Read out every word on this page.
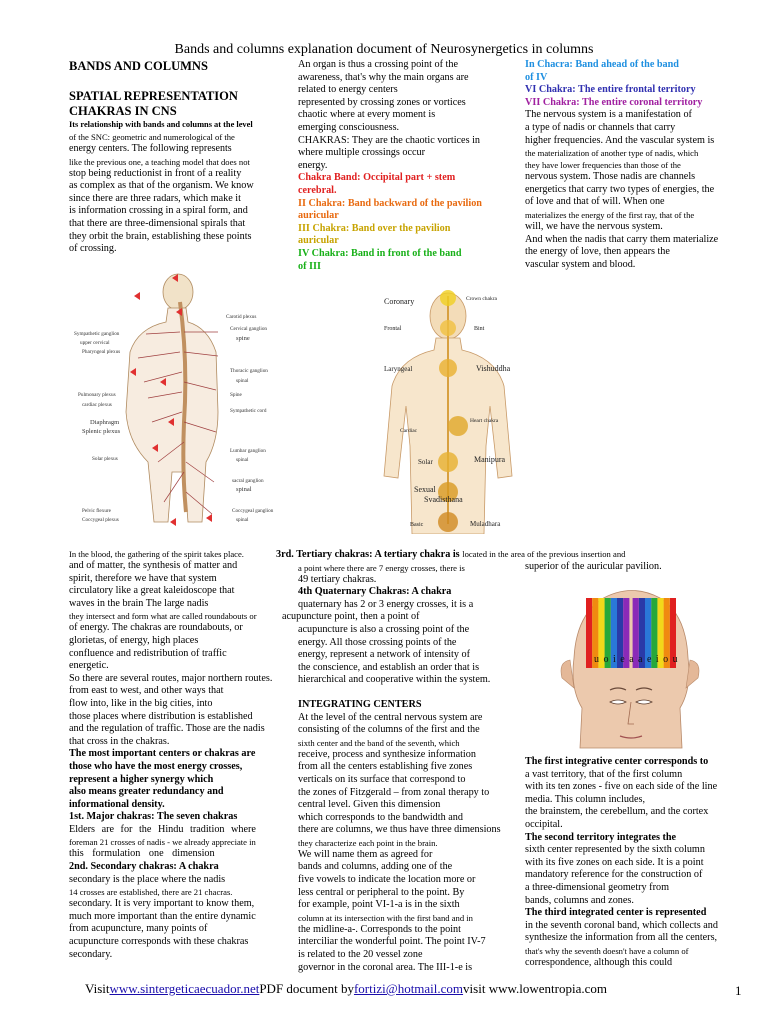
Bands and columns explanation document of Neurosynergetics in columns

BANDS AND COLUMNS

SPATIAL REPRESENTATION

CHAKRAS IN CNS

Its relationship with bands and columns at the level

of the SNC: geometric and numerological of the

energy centers. The following represents

like the previous one, a teaching model that does not

stop being reductionist in front of a reality

as complex as that of the organism. We know

since there are three radars, which make it

is information crossing in a spiral form, and

that there are three-dimensional spirals that

they orbit the brain, establishing these points

of crossing.

An organ is thus a crossing point of the

awareness, that's why the main organs are

related to energy centers

represented by crossing zones or vortices

chaotic where at every moment is

emerging consciousness.

CHAKRAS: They are the chaotic vortices in

where multiple crossings occur

energy.

Chakra Band: Occipital part + stem

cerebral.

II Chakra: Band backward of the pavilion

auricular

III Chakra: Band over the pavilion

auricular

IV Chakra: Band in front of the band

of III

In Chacra: Band ahead of the band

of IV

VI Chakra: The entire frontal territory

VII Chakra: The entire coronal territory

The nervous system is a manifestation of

a type of nadis or channels that carry

higher frequencies. And the vascular system is

the materialization of another type of nadis, which

they have lower frequencies than those of the

nervous system. Those nadis are channels

energetics that carry two types of energies, the

of love and that of will. When one

materializes the energy of the first ray, that of the

will, we have the nervous system.

And when the nadis that carry them materialize

the energy of love, then appears the

vascular system and blood.

Carotid plexus
Cervical ganglion
spine
Sympathetic ganglion
upper cervical
Pharyngeal plexus
Thoracic ganglion
spinal
Pulmonary plexus
cardiac plexus
Spine
Sympathetic cord
Diaphragm
Splenic plexus
Lumbar ganglion
spinal
Solar plexus
sacral ganglion
spinal
Pelvic flexure
Coccygeal plexus
Coccygeal ganglion
spinal
Coronary	Crown chakra
Frontal	Bint
Laryngeal	Vishuddha
Cardiac
Heart chakra
Solar	Manipura
Sexual
Svadisthana
Basic	Muladhara

In the blood, the gathering of the spirit takes place.

and of matter, the synthesis of matter and

spirit, therefore we have that system

circulatory like a great kaleidoscope that

waves in the brain The large nadis

they intersect and form what are called roundabouts or

of energy. The chakras are roundabouts, or

glorietas, of energy, high places

confluence and redistribution of traffic

energetic.

So there are several routes, major northern routes.

from east to west, and other ways that

flow into, like in the big cities, into

those places where distribution is established

and the regulation of traffic. Those are the nadis

that cross in the chakras.

The most important centers or chakras are

those who have the most energy crosses,

represent a higher synergy which

also means greater redundancy and

informational density.

1st. Major chakras: The seven chakras

Elders are for the Hindu tradition where

foreman 21 crosses of nadis - we already appreciate in

this formulation one dimension

2nd. Secondary chakras: A chakra

secondary is the place where the nadis

14 crosses are established, there are 21 chacras.

secondary. It is very important to know them,

much more important than the entire dynamic

from acupuncture, many points of

acupuncture corresponds with these chakras

secondary.

3rd. Tertiary chakras: A tertiary chakra is located in the area of the previous insertion and

a point where there are 7 energy crosses, there is

49 tertiary chakras.

4th Quaternary Chakras: A chakra

quaternary has 2 or 3 energy crosses, it is a

acupuncture point, then a point of

acupuncture is also a crossing point of the

energy. All those crossing points of the

energy, represent a network of intensity of

the conscience, and establish an order that is

hierarchical and cooperative within the system.

INTEGRATING CENTERS

At the level of the central nervous system are

consisting of the columns of the first and the

sixth center and the band of the seventh, which

receive, process and synthesize information

from all the centers establishing five zones

verticals on its surface that correspond to

the zones of Fitzgerald – from zonal therapy to

central level. Given this dimension

which corresponds to the bandwidth and

there are columns, we thus have three dimensions

they characterize each point in the brain.

We will name them as agreed for

bands and columns, adding one of the

five vowels to indicate the location more or

less central or peripheral to the point. By

for example, point VI-1-a is in the sixth

column at its intersection with the first band and in

the midline-a-. Corresponds to the point

interciliar the wonderful point. The point IV-7

is related to the 20 vessel zone

governor in the coronal area. The III-1-e is

superior of the auricular pavilion.

u o i e a a e i o u

The first integrative center corresponds to

a vast territory, that of the first column

with its ten zones - five on each side of the line

media. This column includes,

the brainstem, the cerebellum, and the cortex

occipital.

The second territory integrates the

sixth center represented by the sixth column

with its five zones on each side. It is a point

mandatory reference for the construction of

a three-dimensional geometry from

bands, columns and zones.

The third integrated center is represented

in the seventh coronal band, which collects and

synthesize the information from all the centers,

that's why the seventh doesn't have a column of

correspondence, although this could

Visitwww.sintergeticaecuador.netPDF document byfortizi@hotmail.comvisit www.lowentropia.com	1
